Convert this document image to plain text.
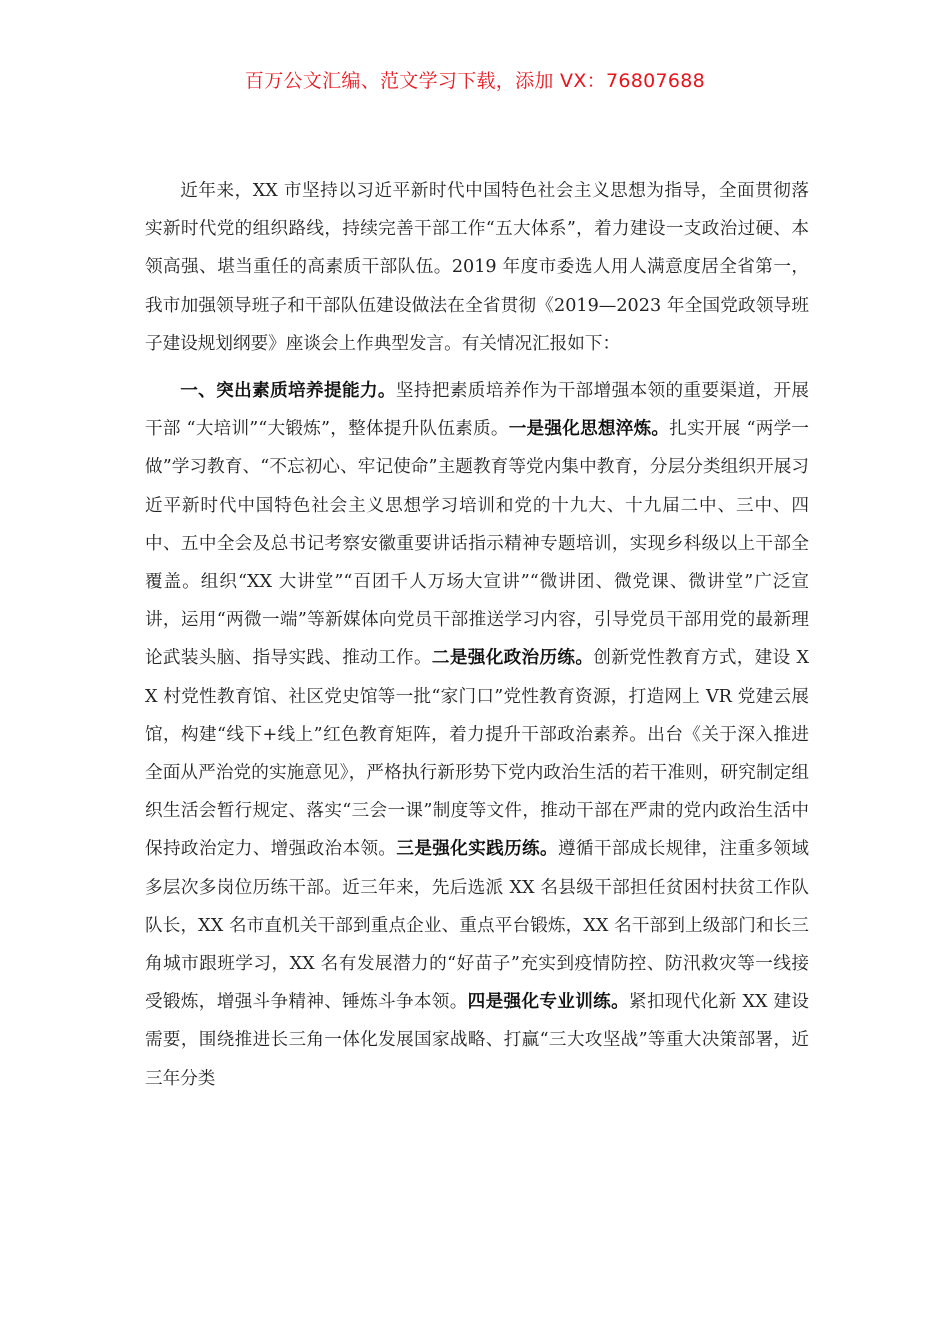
百万公文汇编、范文学习下载，添加 VX：76807688

近年来，XX 市坚持以习近平新时代中国特色社会主义思想为指导，全面贯彻落实新时代党的组织路线，持续完善干部工作“五大体系”，着力建设一支政治过硬、本领高强、堪当重任的高素质干部队伍。2019 年度市委选人用人满意度居全省第一，我市加强领导班子和干部队伍建设做法在全省贯彻《2019—2023 年全国党政领导班子建设规划纲要》座谈会上作典型发言。有关情况汇报如下：

一、突出素质培养提能力。坚持把素质培养作为干部增强本领的重要渠道，开展干部 “大培训”“大锻炼”，整体提升队伍素质。一是强化思想淬炼。扎实开展 “两学一做”学习教育、“不忘初心、牢记使命”主题教育等党内集中教育，分层分类组织开展习近平新时代中国特色社会主义思想学习培训和党的十九大、十九届二中、三中、四中、五中全会及总书记考察安徽重要讲话指示精神专题培训，实现乡科级以上干部全覆盖。组织“XX 大讲堂”“百团千人万场大宣讲”“微讲团、微党课、微讲堂”广泛宣讲，运用“两微一端”等新媒体向党员干部推送学习内容，引导党员干部用党的最新理论武装头脑、指导实践、推动工作。二是强化政治历练。创新党性教育方式，建设 XX 村党性教育馆、社区党史馆等一批“家门口”党性教育资源，打造网上 VR 党建云展馆，构建“线下+线上”红色教育矩阵，着力提升干部政治素养。出台《关于深入推进全面从严治党的实施意见》，严格执行新形势下党内政治生活的若干准则，研究制定组织生活会暂行规定、落实“三会一课”制度等文件，推动干部在严肃的党内政治生活中保持政治定力、增强政治本领。三是强化实践历练。遵循干部成长规律，注重多领域多层次多岗位历练干部。近三年来，先后选派 XX 名县级干部担任贫困村扶贫工作队队长，XX 名市直机关干部到重点企业、重点平台锻炼，XX 名干部到上级部门和长三角城市跟班学习，XX 名有发展潜力的“好苗子”充实到疫情防控、防汛救灾等一线接受锻炼，增强斗争精神、锤炼斗争本领。四是强化专业训练。紧扣现代化新 XX 建设需要，围绕推进长三角一体化发展国家战略、打赢“三大攻坚战”等重大决策部署，近三年分类
